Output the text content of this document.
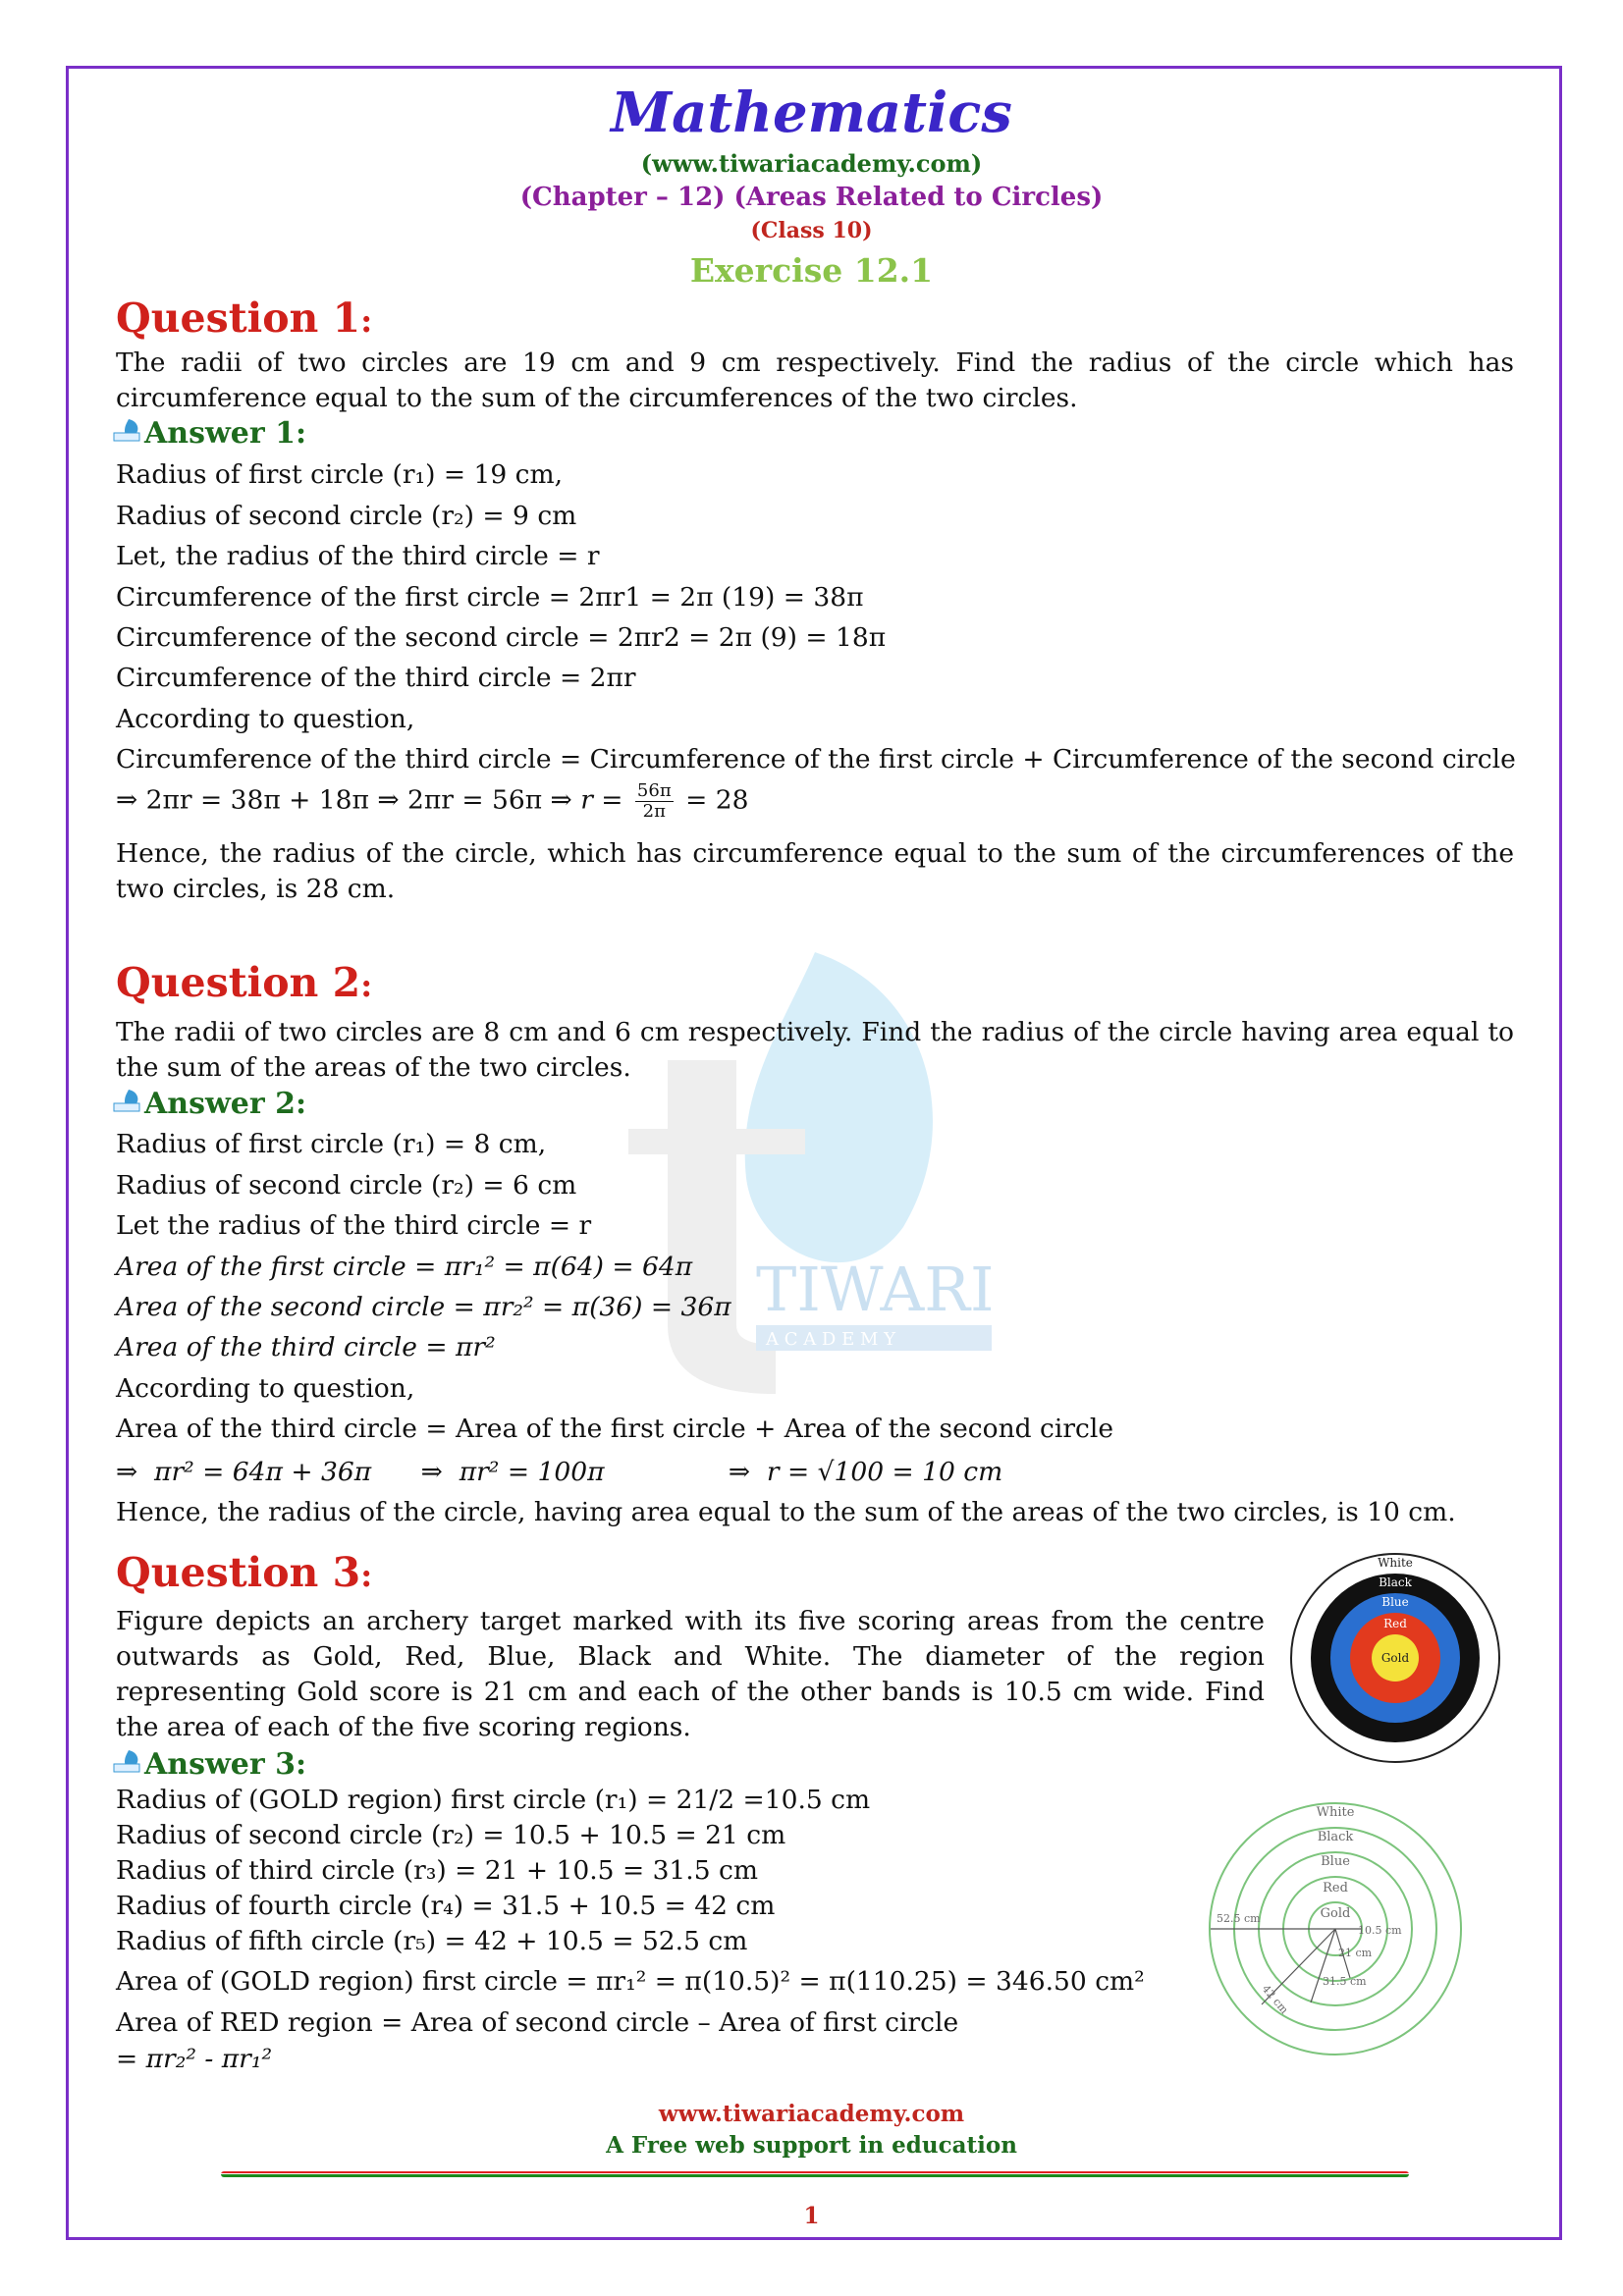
TIWARI
A C A D E M Y
Mathematics
(www.tiwariacademy.com)
(Chapter – 12) (Areas Related to Circles)
(Class 10)
Exercise 12.1
Question 1:
The radii of two circles are 19 cm and 9 cm respectively. Find the radius of the circle which has circumference equal to the sum of the circumferences of the two circles.
Answer 1:
Radius of first circle (r₁) = 19 cm,
Radius of second circle (r₂) = 9 cm
Let, the radius of the third circle = r
Circumference of the first circle = 2πr1 = 2π (19) = 38π
Circumference of the second circle = 2πr2 = 2π (9) = 18π
Circumference of the third circle = 2πr
According to question,
Circumference of the third circle = Circumference of the first circle + Circumference of the second circle
⇒ 2πr = 38π + 18π ⇒ 2πr = 56π ⇒ $r = \frac{56\pi}{2\pi} = 28$
Hence, the radius of the circle, which has circumference equal to the sum of the circumferences of the two circles, is 28 cm.
Question 2:
The radii of two circles are 8 cm and 6 cm respectively. Find the radius of the circle having area equal to the sum of the areas of the two circles.
Answer 2:
Radius of first circle (r₁) = 8 cm,
Radius of second circle (r₂) = 6 cm
Let the radius of the third circle = r
Area of the first circle = πr₁² = π(64) = 64π
Area of the second circle = πr₂² = π(36) = 36π
Area of the third circle = πr²
According to question,
Area of the third circle = Area of the first circle + Area of the second circle
⇒  πr² = 64π + 36π      ⇒  πr² = 100π               ⇒  r = √100 = 10 cm
Hence, the radius of the circle, having area equal to the sum of the areas of the two circles, is 10 cm.
Question 3:
Figure depicts an archery target marked with its five scoring areas from the centre outwards as Gold, Red, Blue, Black and White. The diameter of the region representing Gold score is 21 cm and each of the other bands is 10.5 cm wide. Find the area of each of the five scoring regions.
White
Black
Blue
Red
Gold
Answer 3:
Radius of (GOLD region) first circle (r₁) = 21/2 =10.5 cm
Radius of second circle (r₂) = 10.5 + 10.5 = 21 cm
Radius of third circle (r₃) = 21 + 10.5 = 31.5 cm
Radius of fourth circle (r₄) = 31.5 + 10.5 = 42 cm
Radius of fifth circle (r₅) = 42 + 10.5 = 52.5 cm
Area of (GOLD region) first circle = πr₁² = π(10.5)² = π(110.25) = 346.50 cm²
Area of RED region = Area of second circle – Area of first circle
= πr₂² - πr₁²
White
Black
Blue
Red
Gold
52.5 cm
10.5 cm
21 cm
31.5 cm
42 cm
www.tiwariacademy.com
A Free web support in education
1
